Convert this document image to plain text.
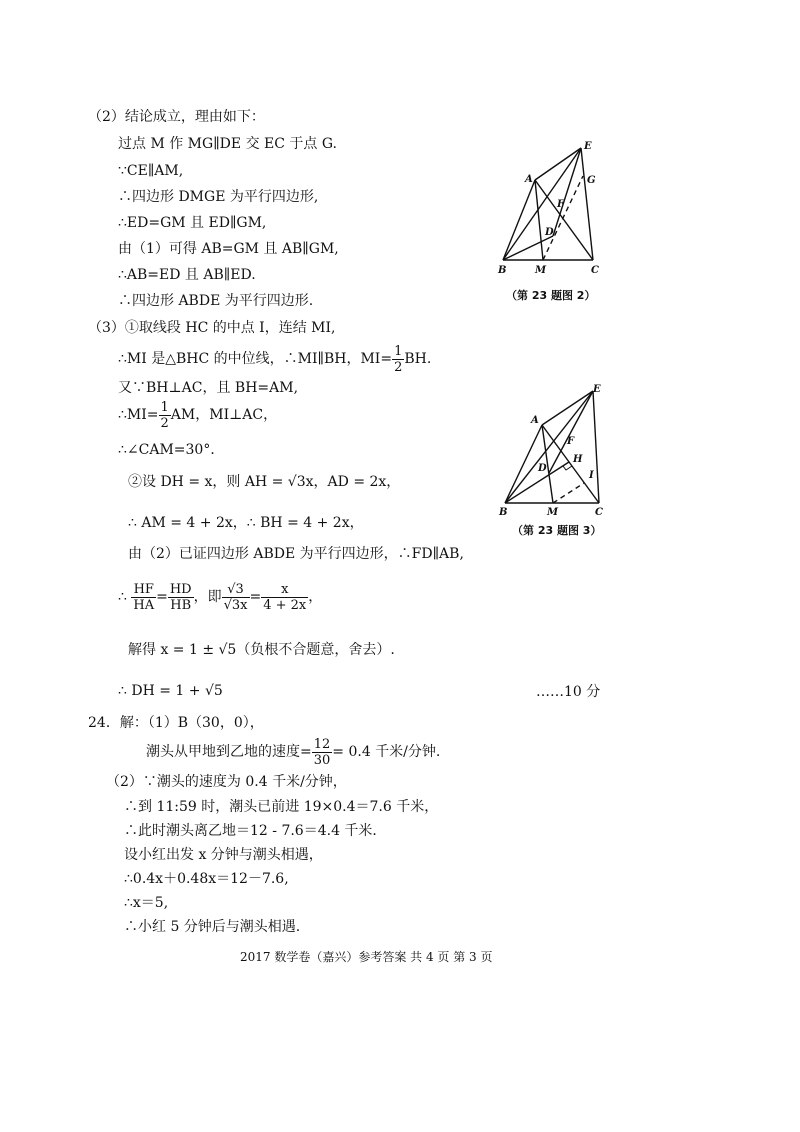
（2）结论成立，理由如下：
过点 M 作 MG∥DE 交 EC 于点 G.
∵CE∥AM,
∴四边形 DMGE 为平行四边形,
∴ED=GM 且 ED∥GM,
由（1）可得 AB=GM 且 AB∥GM,
∴AB=ED 且 AB∥ED.
∴四边形 ABDE 为平行四边形.
E
A	G
F
D
B	M	C
（第 23 题图 2）
（3）①取线段 HC 的中点 I，连结 MI,
∴MI 是△BHC 的中位线，∴MI∥BH，$MI= \frac{1}{2}$ BH.
又∵BH⊥AC，且 BH=AM,
∴MI= $\frac{1}{2}$ AM，MI⊥AC，
∴∠CAM=30°．
②设 DH = x，则 AH = √3x，AD = 2x，
∴ AM = 4 + 2x，∴ BH = 4 + 2x，
E
A
F
H
D
I
B	M	C
（第 23 题图 3）
由（2）已证四边形 ABDE 为平行四边形，∴FD∥AB,
∴ $\frac{HF}{HA} = \frac{HD}{HB}$ ，即 $\frac{√3}{√3x} = \frac{x}{4 + 2x}$ ，
解得 x = 1 ± √5（负根不合题意，舍去）.
∴ DH = 1 + √5	……10 分
24．解：（1）B（30，0），
潮头从甲地到乙地的速度= $\frac{12}{30} = 0.4$ 千米/分钟.
（2）∵潮头的速度为 0.4 千米/分钟，
∴到 11:59 时，潮头已前进 19×0.4＝7.6 千米，
∴此时潮头离乙地＝12 - 7.6＝4.4 千米．
设小红出发 x 分钟与潮头相遇，
∴0.4x＋0.48x＝12－7.6,
∴x＝5,
∴小红 5 分钟后与潮头相遇.
2017 数学卷（嘉兴）参考答案 共 4 页 第 3 页
